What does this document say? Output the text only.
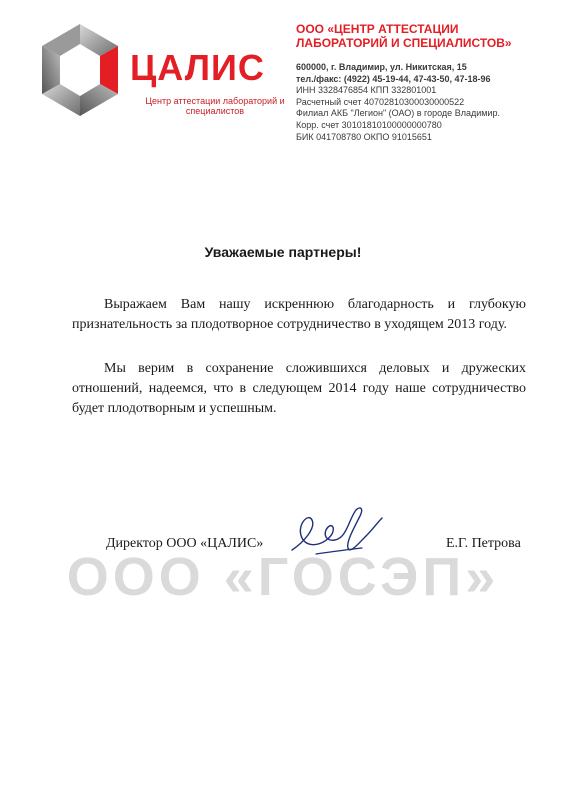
ЦАЛИС
Центр аттестации лабораторий и специалистов
ООО «ЦЕНТР АТТЕСТАЦИИ ЛАБОРАТОРИЙ И СПЕЦИАЛИСТОВ»
600000, г. Владимир, ул. Никитская, 15
тел./факс: (4922) 45-19-44, 47-43-50, 47-18-96
ИНН 3328476854 КПП 332801001
Расчетный счет 40702810300030000522
Филиал АКБ "Легион" (ОАО) в городе Владимир.
Корр. счет 30101810100000000780
БИК 041708780 ОКПО 91015651
Уважаемые партнеры!
Выражаем Вам нашу искреннюю благодарность и глубокую признательность за плодотворное сотрудничество в уходящем 2013 году.
Мы верим в сохранение сложившихся деловых и дружеских отношений, надеемся, что в следующем 2014 году наше сотрудничество будет плодотворным и успешным.
ООО «ГОСЭП»
Директор ООО «ЦАЛИС»	Е.Г. Петрова
